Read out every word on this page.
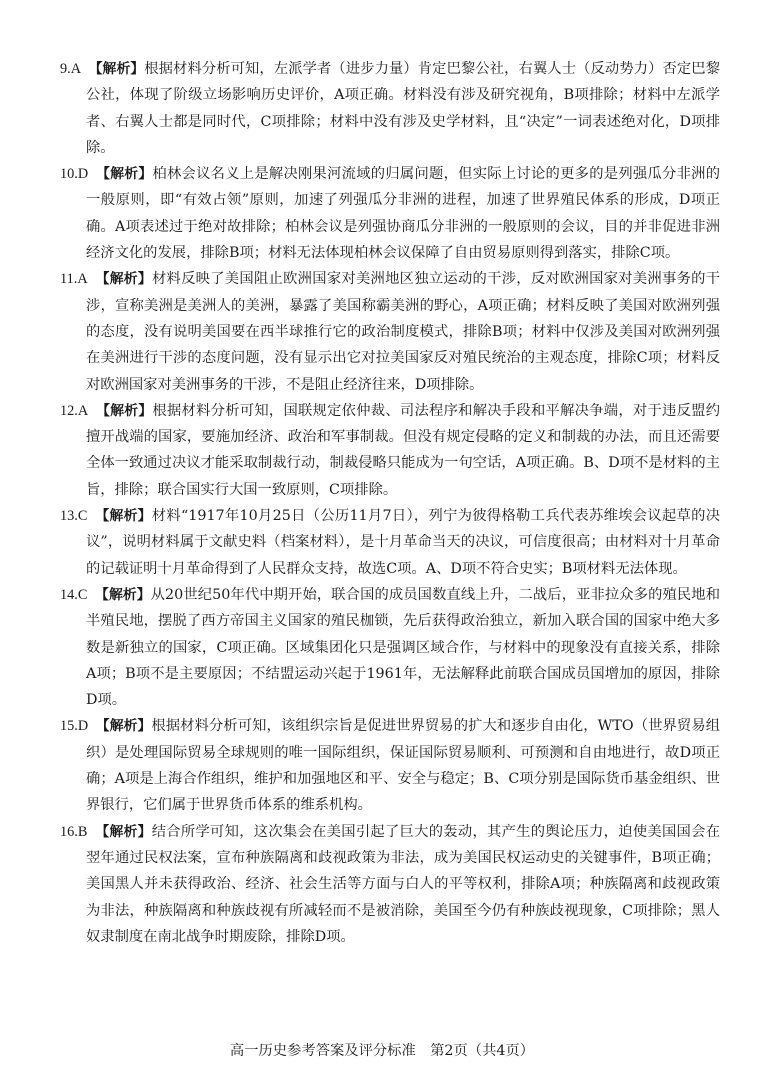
9.A　 【解析】根据材料分析可知，左派学者（进步力量）肯定巴黎公社，右翼人士（反动势力）否定巴黎公社，体现了阶级立场影响历史评价，A项正确。材料没有涉及研究视角，B项排除；材料中左派学者、右翼人士都是同时代，C项排除；材料中没有涉及史学材料，且“决定”一词表述绝对化，D项排除。

10.D　 【解析】柏林会议名义上是解决刚果河流域的归属问题，但实际上讨论的更多的是列强瓜分非洲的一般原则，即“有效占领”原则，加速了列强瓜分非洲的进程，加速了世界殖民体系的形成，D项正确。A项表述过于绝对故排除；柏林会议是列强协商瓜分非洲的一般原则的会议，目的并非促进非洲经济文化的发展，排除B项；材料无法体现柏林会议保障了自由贸易原则得到落实，排除C项。

11.A　 【解析】材料反映了美国阻止欧洲国家对美洲地区独立运动的干涉，反对欧洲国家对美洲事务的干涉，宣称美洲是美洲人的美洲，暴露了美国称霸美洲的野心，A项正确；材料反映了美国对欧洲列强的态度，没有说明美国要在西半球推行它的政治制度模式，排除B项；材料中仅涉及美国对欧洲列强在美洲进行干涉的态度问题，没有显示出它对拉美国家反对殖民统治的主观态度，排除C项；材料反对欧洲国家对美洲事务的干涉，不是阻止经济往来，D项排除。

12.A　 【解析】根据材料分析可知，国联规定依仲裁、司法程序和解决手段和平解决争端，对于违反盟约擅开战端的国家，要施加经济、政治和军事制裁。但没有规定侵略的定义和制裁的办法，而且还需要全体一致通过决议才能采取制裁行动，制裁侵略只能成为一句空话，A项正确。B、D项不是材料的主旨，排除；联合国实行大国一致原则，C项排除。

13.C　 【解析】材料“1917年10月25日（公历11月7日），列宁为彼得格勒工兵代表苏维埃会议起草的决议”，说明材料属于文献史料（档案材料），是十月革命当天的决议，可信度很高；由材料对十月革命的记载证明十月革命得到了人民群众支持，故选C项。A、D项不符合史实；B项材料无法体现。

14.C　 【解析】从20世纪50年代中期开始，联合国的成员国数直线上升，二战后，亚非拉众多的殖民地和半殖民地，摆脱了西方帝国主义国家的殖民枷锁，先后获得政治独立，新加入联合国的国家中绝大多数是新独立的国家，C项正确。区域集团化只是强调区域合作，与材料中的现象没有直接关系，排除A项；B项不是主要原因；不结盟运动兴起于1961年，无法解释此前联合国成员国增加的原因，排除D项。

15.D　 【解析】根据材料分析可知，该组织宗旨是促进世界贸易的扩大和逐步自由化，WTO（世界贸易组织）是处理国际贸易全球规则的唯一国际组织，保证国际贸易顺利、可预测和自由地进行，故D项正确；A项是上海合作组织，维护和加强地区和平、安全与稳定；B、C项分别是国际货币基金组织、世界银行，它们属于世界货币体系的维系机构。

16.B　 【解析】结合所学可知，这次集会在美国引起了巨大的轰动，其产生的舆论压力，迫使美国国会在翌年通过民权法案，宣布种族隔离和歧视政策为非法，成为美国民权运动史的关键事件，B项正确；美国黑人并未获得政治、经济、社会生活等方面与白人的平等权利，排除A项；种族隔离和歧视政策为非法，种族隔离和种族歧视有所减轻而不是被消除，美国至今仍有种族歧视现象，C项排除；黑人奴隶制度在南北战争时期废除，排除D项。

高一历史参考答案及评分标准　第2页（共4页）
